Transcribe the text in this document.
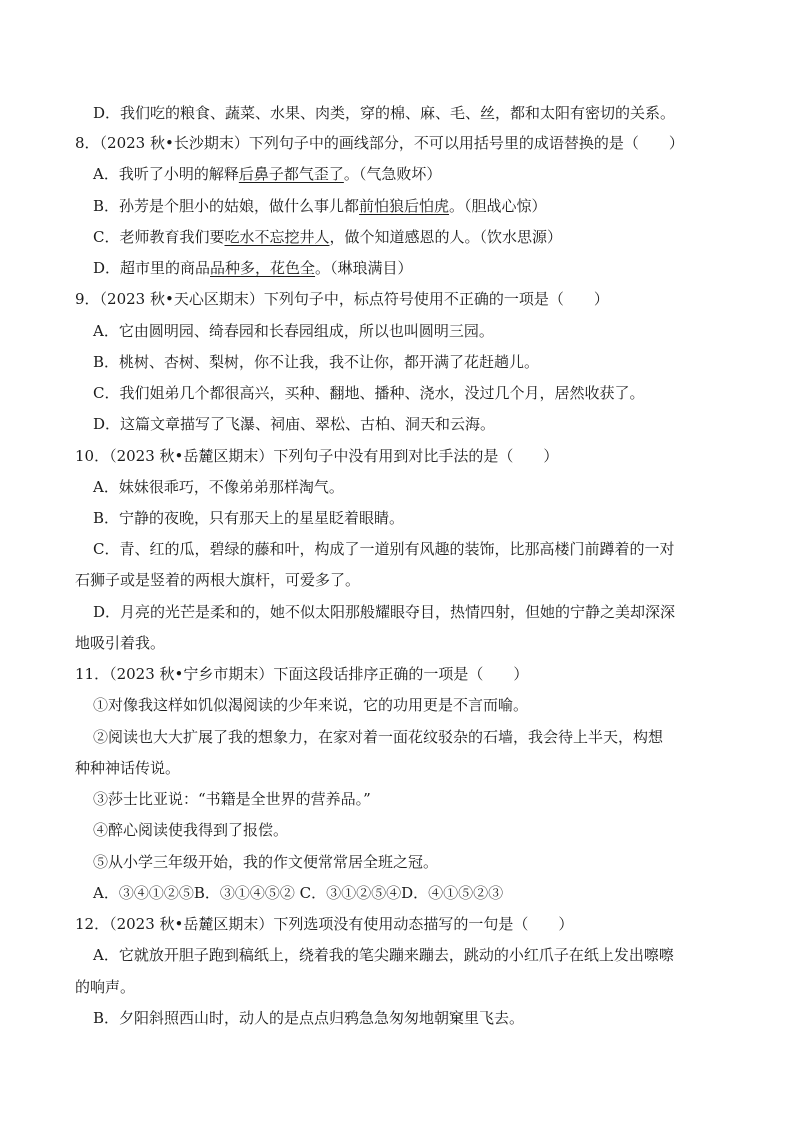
D．我们吃的粮食、蔬菜、水果、肉类，穿的棉、麻、毛、丝，都和太阳有密切的关系。
8．（2023 秋•长沙期末）下列句子中的画线部分，不可以用括号里的成语替换的是（　　）
A．我听了小明的解释后鼻子都气歪了。（气急败坏）
B．孙芳是个胆小的姑娘，做什么事儿都前怕狼后怕虎。（胆战心惊）
C．老师教育我们要吃水不忘挖井人，做个知道感恩的人。（饮水思源）
D．超市里的商品品种多，花色全。（琳琅满目）
9．（2023 秋•天心区期末）下列句子中，标点符号使用不正确的一项是（　　）
A．它由圆明园、绮春园和长春园组成，所以也叫圆明三园。
B．桃树、杏树、梨树，你不让我，我不让你，都开满了花赶趟儿。
C．我们姐弟几个都很高兴，买种、翻地、播种、浇水，没过几个月，居然收获了。
D．这篇文章描写了飞瀑、祠庙、翠松、古柏、洞天和云海。
10．（2023 秋•岳麓区期末）下列句子中没有用到对比手法的是（　　）
A．妹妹很乖巧，不像弟弟那样淘气。
B．宁静的夜晚，只有那天上的星星眨着眼睛。
C．青、红的瓜，碧绿的藤和叶，构成了一道别有风趣的装饰，比那高楼门前蹲着的一对
石狮子或是竖着的两根大旗杆，可爱多了。
D．月亮的光芒是柔和的，她不似太阳那般耀眼夺目，热情四射，但她的宁静之美却深深
地吸引着我。
11．（2023 秋•宁乡市期末）下面这段话排序正确的一项是（　　）
①对像我这样如饥似渴阅读的少年来说，它的功用更是不言而喻。
②阅读也大大扩展了我的想象力，在家对着一面花纹驳杂的石墙，我会待上半天，构想
种种神话传说。
③莎士比亚说：“书籍是全世界的营养品。”
④醉心阅读使我得到了报偿。
⑤从小学三年级开始，我的作文便常常居全班之冠。
A．③④①②⑤B．③①④⑤② C．③①②⑤④D．④①⑤②③
12．（2023 秋•岳麓区期末）下列选项没有使用动态描写的一句是（　　）
A．它就放开胆子跑到稿纸上，绕着我的笔尖蹦来蹦去，跳动的小红爪子在纸上发出嚓嚓
的响声。
B．夕阳斜照西山时，动人的是点点归鸦急急匆匆地朝窠里飞去。
